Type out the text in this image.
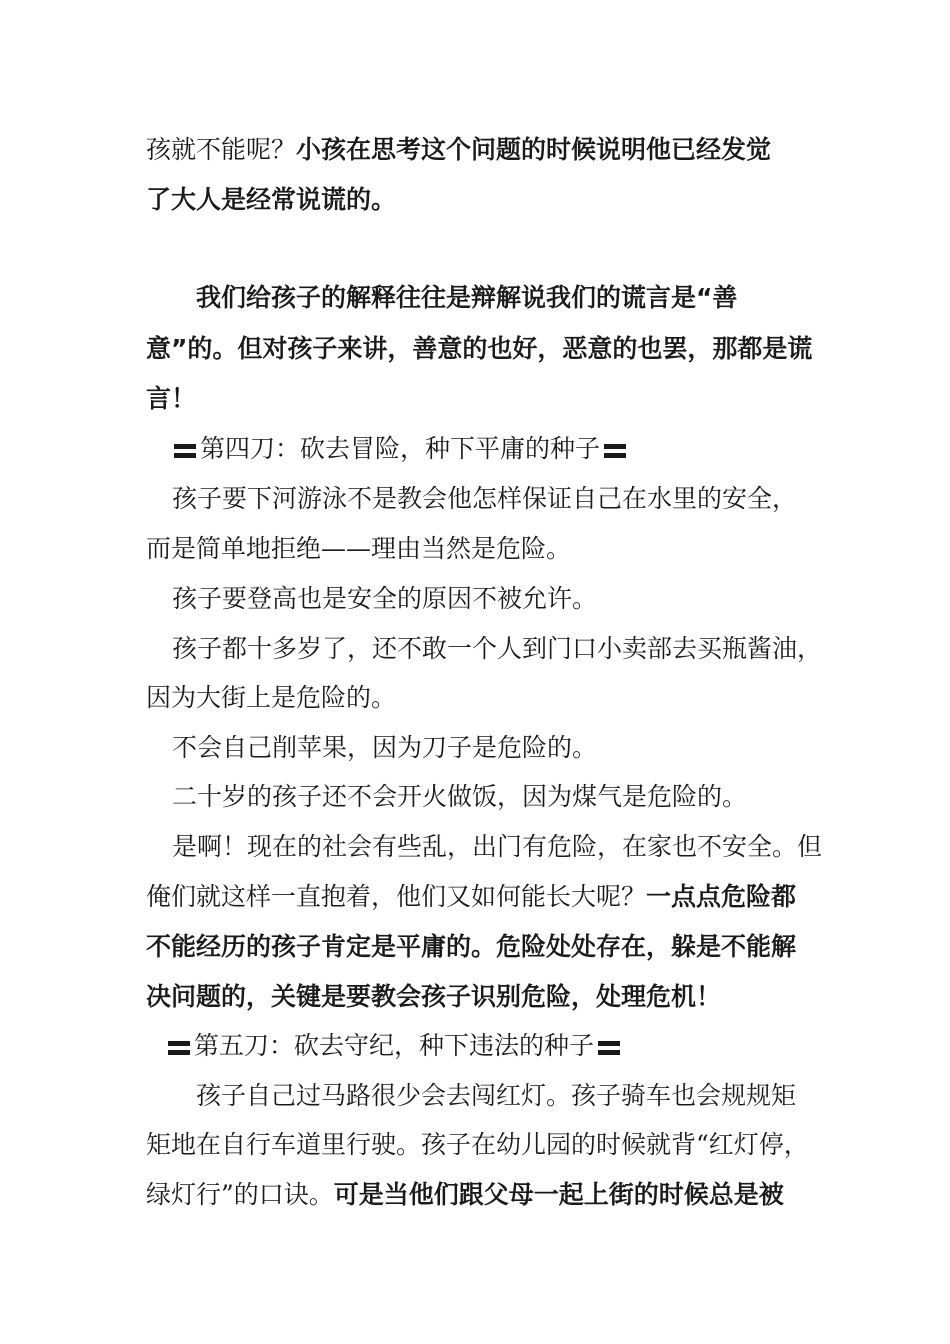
孩就不能呢？小孩在思考这个问题的时候说明他已经发觉
了大人是经常说谎的。
我们给孩子的解释往往是辩解说我们的谎言是“善
意”的。但对孩子来讲，善意的也好，恶意的也罢，那都是谎
言！
第四刀：砍去冒险，种下平庸的种子
孩子要下河游泳不是教会他怎样保证自己在水里的安全，
而是简单地拒绝——理由当然是危险。
孩子要登高也是安全的原因不被允许。
孩子都十多岁了，还不敢一个人到门口小卖部去买瓶酱油，
因为大街上是危险的。
不会自己削苹果，因为刀子是危险的。
二十岁的孩子还不会开火做饭，因为煤气是危险的。
是啊！现在的社会有些乱，出门有危险，在家也不安全。但
俺们就这样一直抱着，他们又如何能长大呢？一点点危险都
不能经历的孩子肯定是平庸的。危险处处存在，躲是不能解
决问题的，关键是要教会孩子识别危险，处理危机！
第五刀：砍去守纪，种下违法的种子
孩子自己过马路很少会去闯红灯。孩子骑车也会规规矩
矩地在自行车道里行驶。孩子在幼儿园的时候就背“红灯停，
绿灯行”的口诀。可是当他们跟父母一起上街的时候总是被
